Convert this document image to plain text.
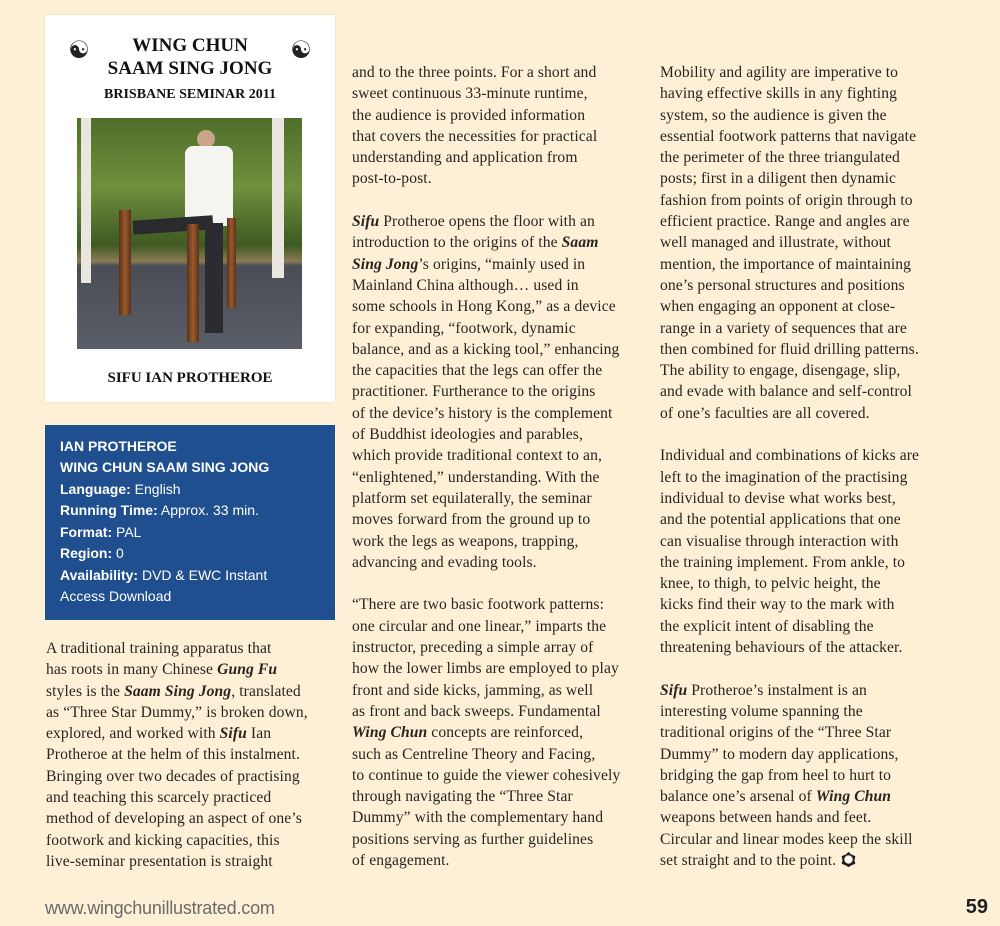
☯	☯
WING CHUN
SAAM SING JONG
BRISBANE SEMINAR 2011
SIFU IAN PROTHEROE
IAN PROTHEROE
WING CHUN SAAM SING JONG
Language: English
Running Time: Approx. 33 min.
Format: PAL
Region: 0
Availability: DVD & EWC Instant
Access Download
A traditional training apparatus that
has roots in many Chinese Gung Fu
styles is the Saam Sing Jong, translated
as “Three Star Dummy,” is broken down,
explored, and worked with Sifu Ian
Protheroe at the helm of this instalment.
Bringing over two decades of practising
and teaching this scarcely practiced
method of developing an aspect of one’s
footwork and kicking capacities, this
live-seminar presentation is straight
and to the three points. For a short and
sweet continuous 33-minute runtime,
the audience is provided information
that covers the necessities for practical
understanding and application from
post-to-post.

Sifu Protheroe opens the floor with an
introduction to the origins of the Saam
Sing Jong’s origins, “mainly used in
Mainland China although… used in
some schools in Hong Kong,” as a device
for expanding, “footwork, dynamic
balance, and as a kicking tool,” enhancing
the capacities that the legs can offer the
practitioner. Furtherance to the origins
of the device’s history is the complement
of Buddhist ideologies and parables,
which provide traditional context to an,
“enlightened,” understanding. With the
platform set equilaterally, the seminar
moves forward from the ground up to
work the legs as weapons, trapping,
advancing and evading tools.

“There are two basic footwork patterns:
one circular and one linear,” imparts the
instructor, preceding a simple array of
how the lower limbs are employed to play
front and side kicks, jamming, as well
as front and back sweeps. Fundamental
Wing Chun concepts are reinforced,
such as Centreline Theory and Facing,
to continue to guide the viewer cohesively
through navigating the “Three Star
Dummy” with the complementary hand
positions serving as further guidelines
of engagement.
Mobility and agility are imperative to
having effective skills in any fighting
system, so the audience is given the
essential footwork patterns that navigate
the perimeter of the three triangulated
posts; first in a diligent then dynamic
fashion from points of origin through to
efficient practice. Range and angles are
well managed and illustrate, without
mention, the importance of maintaining
one’s personal structures and positions
when engaging an opponent at close-
range in a variety of sequences that are
then combined for fluid drilling patterns.
The ability to engage, disengage, slip,
and evade with balance and self-control
of one’s faculties are all covered.

Individual and combinations of kicks are
left to the imagination of the practising
individual to devise what works best,
and the potential applications that one
can visualise through interaction with
the training implement. From ankle, to
knee, to thigh, to pelvic height, the
kicks find their way to the mark with
the explicit intent of disabling the
threatening behaviours of the attacker.

Sifu Protheroe’s instalment is an
interesting volume spanning the
traditional origins of the “Three Star
Dummy” to modern day applications,
bridging the gap from heel to hurt to
balance one’s arsenal of Wing Chun
weapons between hands and feet.
Circular and linear modes keep the skill
set straight and to the point.
www.wingchunillustrated.com	59
